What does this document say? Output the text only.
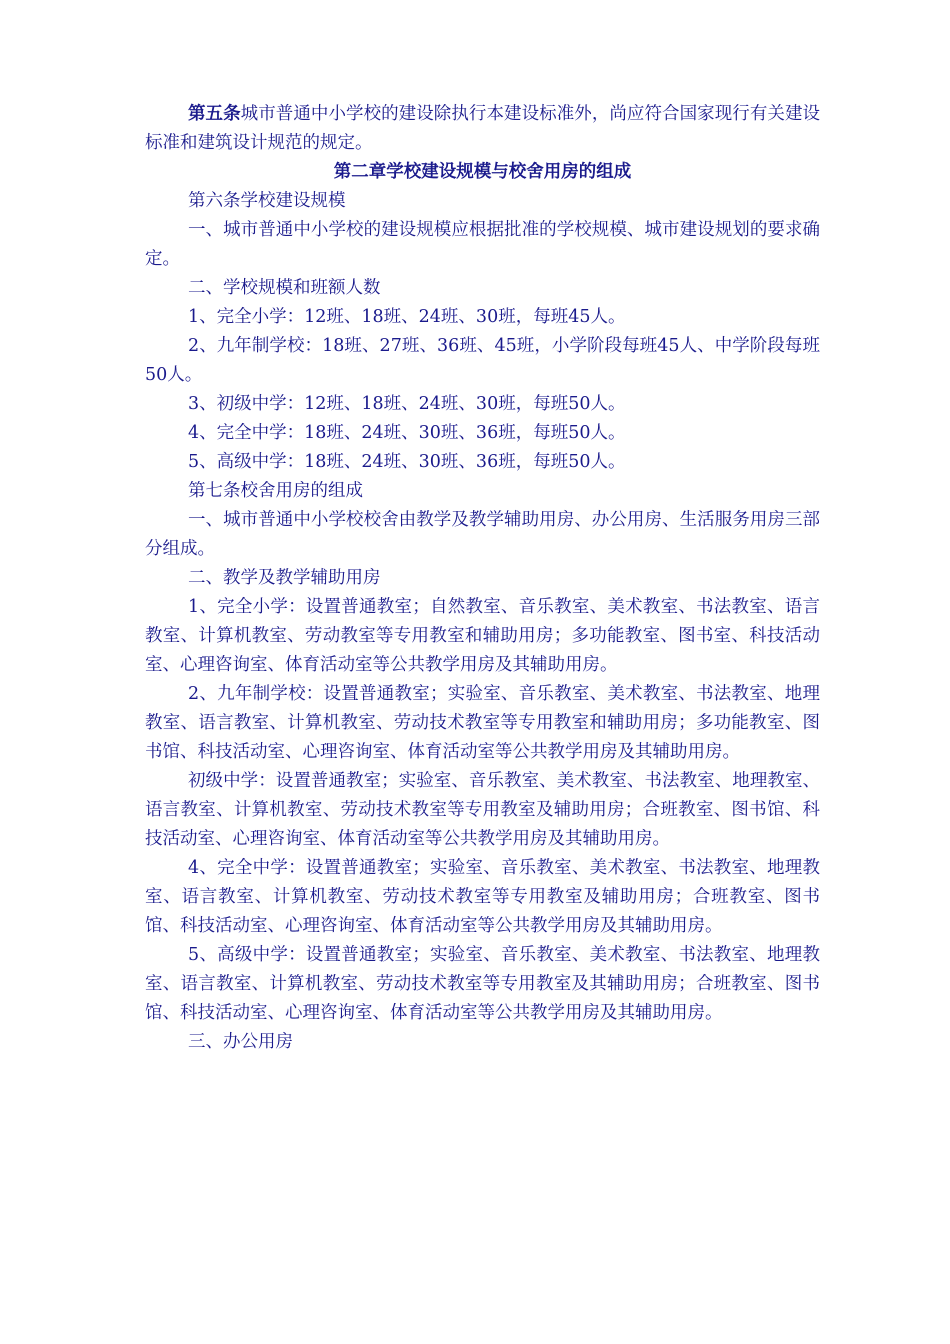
第五条城市普通中小学校的建设除执行本建设标准外，尚应符合国家现行有关建设标准和建筑设计规范的规定。

第二章学校建设规模与校舍用房的组成

第六条学校建设规模

一、城市普通中小学校的建设规模应根据批准的学校规模、城市建设规划的要求确定。

二、学校规模和班额人数

1、完全小学：12班、18班、24班、30班，每班45人。

2、九年制学校：18班、27班、36班、45班，小学阶段每班45人、中学阶段每班50人。

3、初级中学：12班、18班、24班、30班，每班50人。

4、完全中学：18班、24班、30班、36班，每班50人。

5、高级中学：18班、24班、30班、36班，每班50人。

第七条校舍用房的组成

一、城市普通中小学校校舍由教学及教学辅助用房、办公用房、生活服务用房三部分组成。

二、教学及教学辅助用房

1、完全小学：设置普通教室；自然教室、音乐教室、美术教室、书法教室、语言教室、计算机教室、劳动教室等专用教室和辅助用房；多功能教室、图书室、科技活动室、心理咨询室、体育活动室等公共教学用房及其辅助用房。

2、九年制学校：设置普通教室；实验室、音乐教室、美术教室、书法教室、地理教室、语言教室、计算机教室、劳动技术教室等专用教室和辅助用房；多功能教室、图书馆、科技活动室、心理咨询室、体育活动室等公共教学用房及其辅助用房。

初级中学：设置普通教室；实验室、音乐教室、美术教室、书法教室、地理教室、语言教室、计算机教室、劳动技术教室等专用教室及辅助用房；合班教室、图书馆、科技活动室、心理咨询室、体育活动室等公共教学用房及其辅助用房。

4、完全中学：设置普通教室；实验室、音乐教室、美术教室、书法教室、地理教室、语言教室、计算机教室、劳动技术教室等专用教室及辅助用房；合班教室、图书馆、科技活动室、心理咨询室、体育活动室等公共教学用房及其辅助用房。

5、高级中学：设置普通教室；实验室、音乐教室、美术教室、书法教室、地理教室、语言教室、计算机教室、劳动技术教室等专用教室及其辅助用房；合班教室、图书馆、科技活动室、心理咨询室、体育活动室等公共教学用房及其辅助用房。

三、办公用房
